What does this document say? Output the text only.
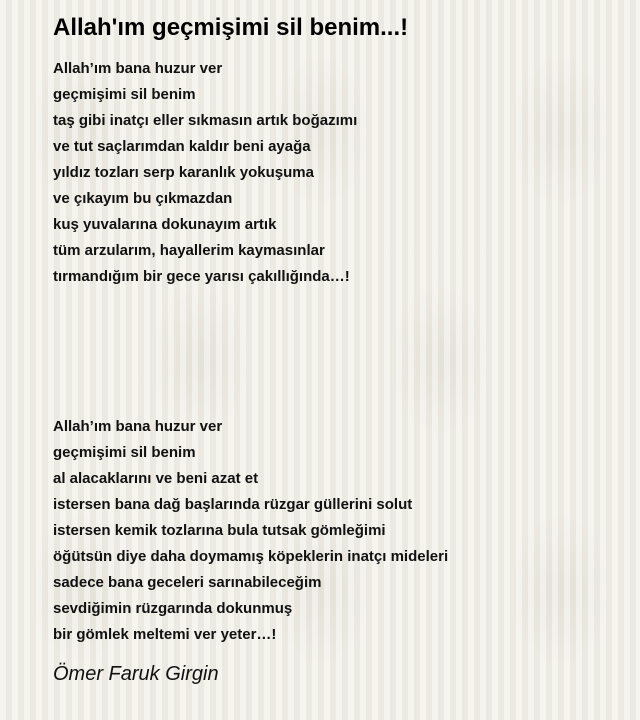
Allah'ım geçmişimi sil benim...!
Allah’ım bana huzur ver
geçmişimi sil benim
taş gibi inatçı eller sıkmasın artık boğazımı
ve tut saçlarımdan kaldır beni ayağa
yıldız tozları serp karanlık yokuşuma
ve çıkayım bu çıkmazdan
kuş yuvalarına dokunayım artık
tüm arzularım, hayallerim kaymasınlar
tırmandığım bir gece yarısı çakıllığında…!
Allah’ım bana huzur ver
geçmişimi sil benim
al alacaklarını ve beni azat et
istersen bana dağ başlarında rüzgar güllerini solut
istersen kemik tozlarına bula tutsak gömleğimi
öğütsün diye daha doymamış köpeklerin inatçı mideleri
sadece bana geceleri sarınabileceğim
sevdiğimin rüzgarında dokunmuş
bir gömlek meltemi ver yeter…!
Ömer Faruk Girgin
